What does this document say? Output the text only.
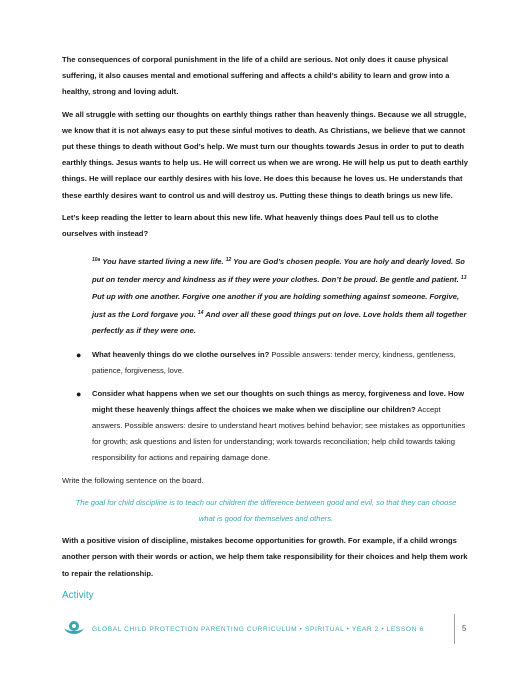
The consequences of corporal punishment in the life of a child are serious. Not only does it cause physical suffering, it also causes mental and emotional suffering and affects a child’s ability to learn and grow into a healthy, strong and loving adult.

We all struggle with setting our thoughts on earthly things rather than heavenly things. Because we all struggle, we know that it is not always easy to put these sinful motives to death. As Christians, we believe that we cannot put these things to death without God’s help. We must turn our thoughts towards Jesus in order to put to death earthly things. Jesus wants to help us. He will correct us when we are wrong. He will help us put to death earthly things. He will replace our earthly desires with his love. He does this because he loves us. He understands that these earthly desires want to control us and will destroy us. Putting these things to death brings us new life.

Let’s keep reading the letter to learn about this new life. What heavenly things does Paul tell us to clothe ourselves with instead?

$^{10a}$ You have started living a new life. $^{12}$ You are God’s chosen people. You are holy and dearly loved. So put on tender mercy and kindness as if they were your clothes. Don’t be proud. Be gentle and patient. $^{13}$ Put up with one another. Forgive one another if you are holding something against someone. Forgive, just as the Lord forgave you. $^{14}$ And over all these good things put on love. Love holds them all together perfectly as if they were one.

● What heavenly things do we clothe ourselves in? Possible answers: tender mercy, kindness, gentleness, patience, forgiveness, love.
● Consider what happens when we set our thoughts on such things as mercy, forgiveness and love. How might these heavenly things affect the choices we make when we discipline our children? Accept answers. Possible answers: desire to understand heart motives behind behavior; see mistakes as opportunities for growth; ask questions and listen for understanding; work towards reconciliation; help child towards taking responsibility for actions and repairing damage done.

Write the following sentence on the board.

The goal for child discipline is to teach our children the difference between good and evil, so that they can choose what is good for themselves and others.

With a positive vision of discipline, mistakes become opportunities for growth. For example, if a child wrongs another person with their words or action, we help them take responsibility for their choices and help them work to repair the relationship.

Activity
GLOBAL CHILD PROTECTION PARENTING CURRICULUM • SPIRITUAL • YEAR 2 • LESSON 6	5
